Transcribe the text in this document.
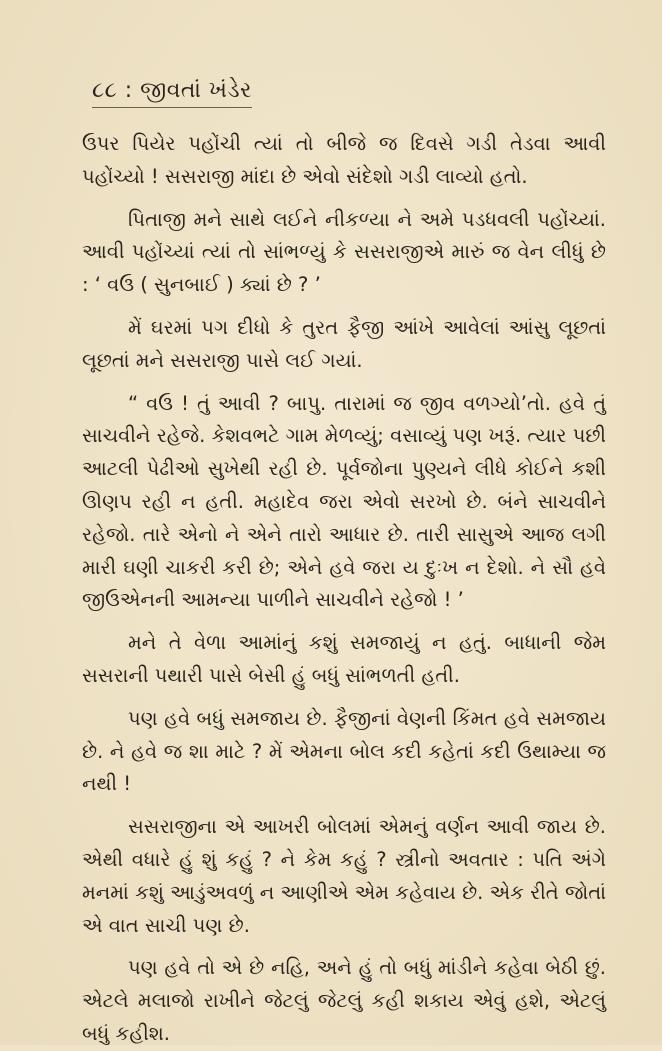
૮૮ : જીવતાં ખંડેર

ઉપર પિયેર પહોંચી ત્યાં તો બીજે જ દિવસે ગડી તેડવા આવી પહોંચ્યો ! સસરાજી માંદા છે એવો સંદેશો ગડી લાવ્યો હતો.

પિતાજી મને સાથે લઈને નીકળ્યા ને અમે પડધવલી પહોંચ્યાં. આવી પહોંચ્યાં ત્યાં તો સાંભળ્યું કે સસરાજીએ મારું જ વેન લીધું છે : ‘ વઉ ( સુનબાઈ ) ક્યાં છે ? ’

મેં ઘરમાં પગ દીધો કે તુરત ફૈજી આંખે આવેલાં આંસુ લૂછતાં લૂછતાં મને સસરાજી પાસે લઈ ગયાં.

“ વઉ ! તું આવી ? બાપુ. તારામાં જ જીવ વળગ્યો’તો. હવે તું સાચવીને રહેજે. કેશવભટે ગામ મેળવ્યું; વસાવ્યું પણ ખરૂં. ત્યાર પછી આટલી પેઢીઓ સુખેથી રહી છે. પૂર્વજોના પુણ્યને લીધે કોઈને કશી ઊણપ રહી ન હતી. મહાદેવ જરા એવો સરખો છે. બંને સાચવીને રહેજો. તારે એનો ને એને તારો આધાર છે. તારી સાસુએ આજ લગી મારી ઘણી ચાકરી કરી છે; એને હવે જરા ય દુઃખ ન દેશો. ને સૌ હવે જીઉએનની આમન્યા પાળીને સાચવીને રહેજો ! ’

મને તે વેળા આમાંનું કશું સમજાયું ન હતું. બાધાની જેમ સસરાની પથારી પાસે બેસી હું બધું સાંભળતી હતી.

પણ હવે બધું સમજાય છે. ફૈજીનાં વેણની કિંમત હવે સમજાય છે. ને હવે જ શા માટે ? મેં એમના બોલ કદી કહેતાં કદી ઉથામ્યા જ નથી !

સસરાજીના એ આખરી બોલમાં એમનું વર્ણન આવી જાય છે. એથી વધારે હું શું કહું ? ને કેમ કહું ? સ્ત્રીનો અવતાર : પતિ અંગે મનમાં કશું આડુંઅવળું ન આણીએ એમ કહેવાય છે. એક રીતે જોતાં એ વાત સાચી પણ છે.

પણ હવે તો એ છે નહિ, અને હું તો બધું માંડીને કહેવા બેઠી છું. એટલે મલાજો રાખીને જેટલું જેટલું કહી શકાય એવું હશે, એટલું બધું કહીશ.
